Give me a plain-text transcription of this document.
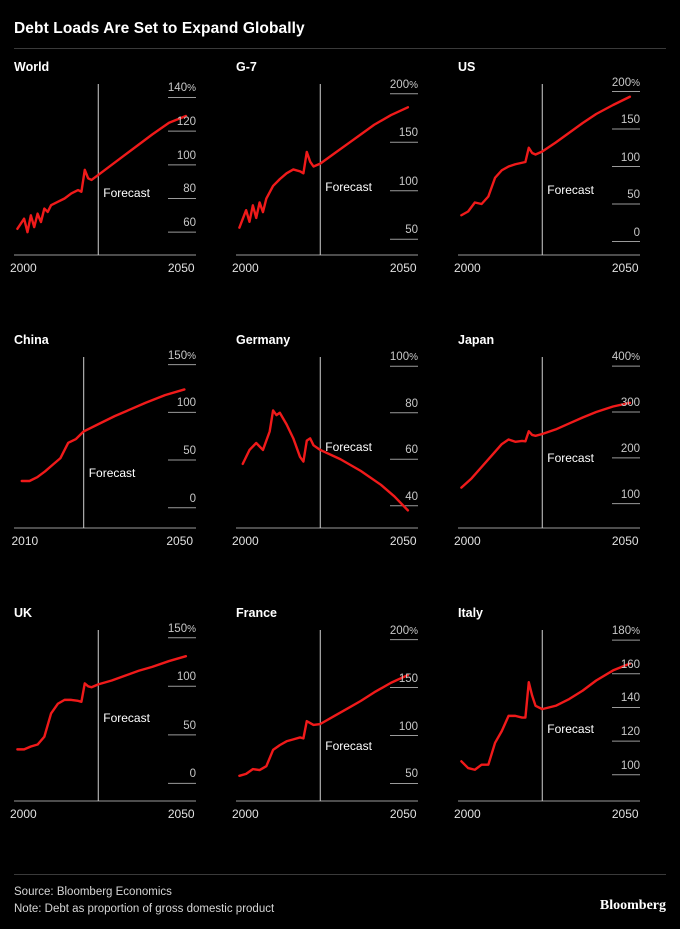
Debt Loads Are Set to Expand Globally
World
60
80
100
120
140%
2000	2050
Forecast
G-7
50
100
150
200%
2000	2050
Forecast
US
0
50
100
150
200%
2000	2050
Forecast
China
0
50
100
150%
2010	2050
Forecast
Germany
40
60
80
100%
2000	2050
Forecast
Japan
100
200
300
400%
2000	2050
Forecast
UK
0
50
100
150%
2000	2050
Forecast
France
50
100
150
200%
2000	2050
Forecast
Italy
100
120
140
160
180%
2000	2050
Forecast
Source: Bloomberg Economics
Note: Debt as proportion of gross domestic product	Bloomberg
